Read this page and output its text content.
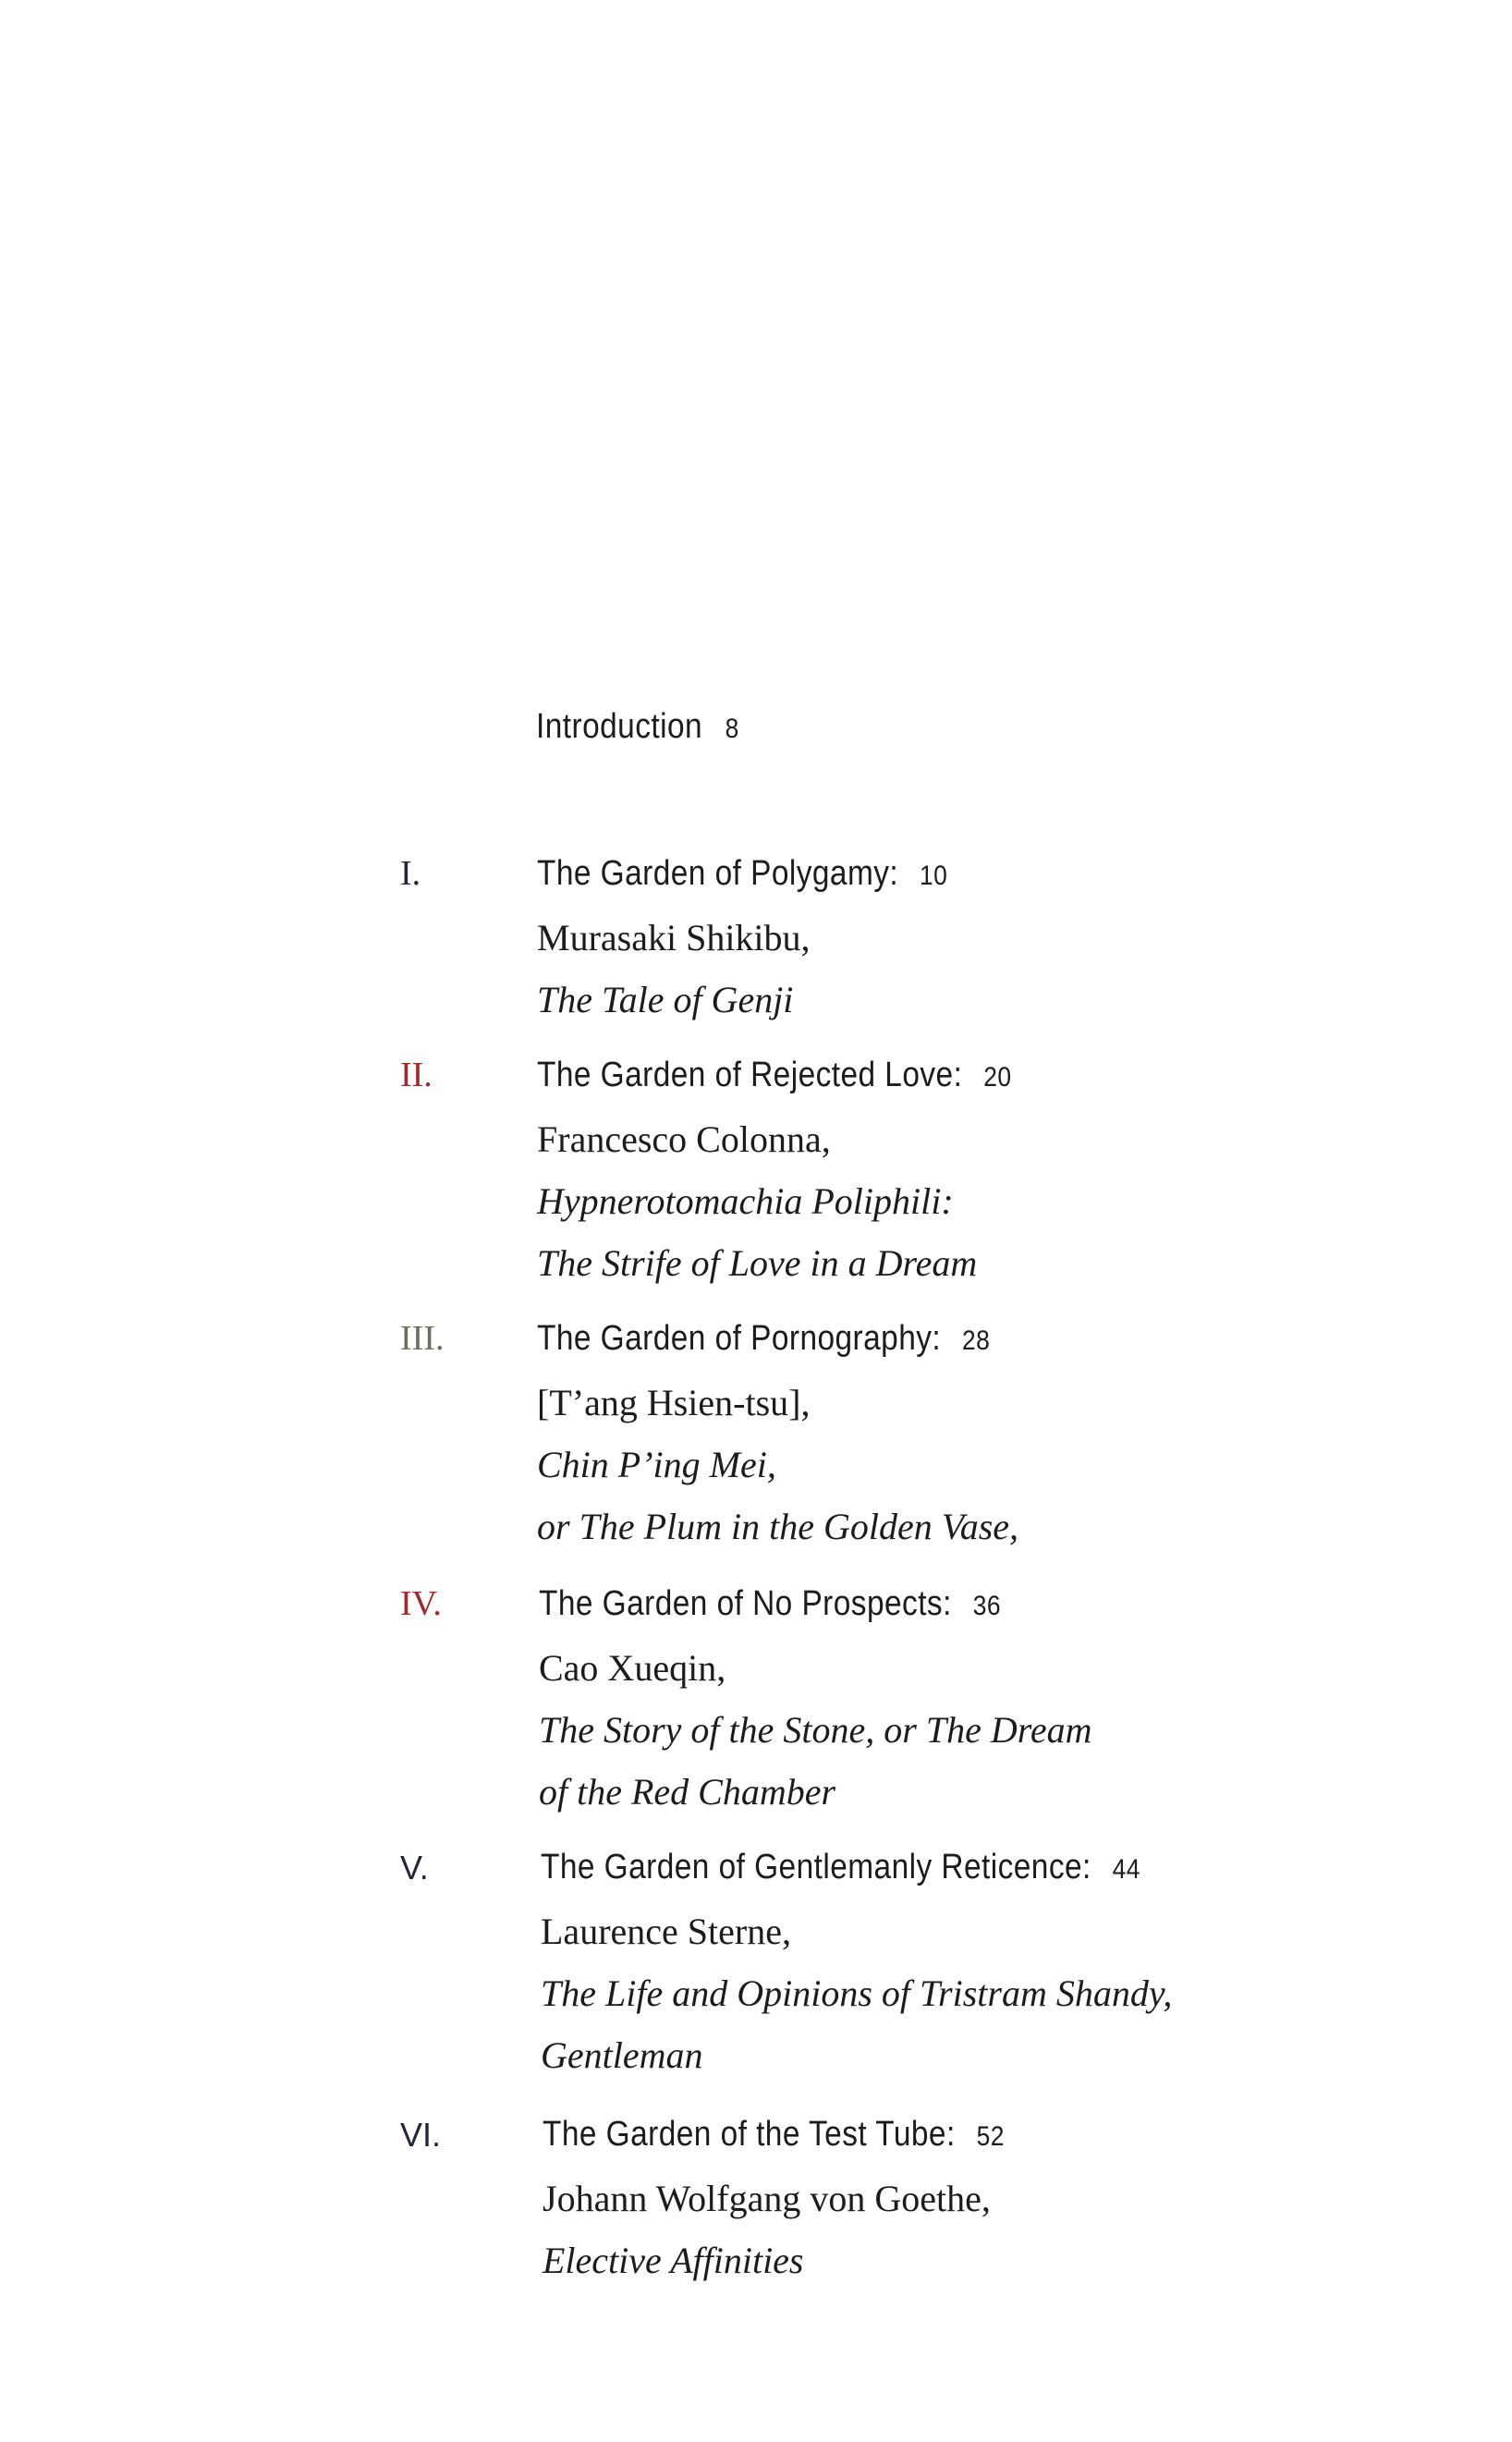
Introduction 8
I.	The Garden of Polygamy: 10
Murasaki Shikibu,
The Tale of Genji
II.	The Garden of Rejected Love: 20
Francesco Colonna,
Hypnerotomachia Poliphili:
The Strife of Love in a Dream
III.	The Garden of Pornography: 28
[T’ang Hsien-tsu],
Chin P’ing Mei,
or The Plum in the Golden Vase,
IV.	The Garden of No Prospects: 36
Cao Xueqin,
The Story of the Stone, or The Dream
of the Red Chamber
V.	The Garden of Gentlemanly Reticence: 44
Laurence Sterne,
The Life and Opinions of Tristram Shandy,
Gentleman
VI.	The Garden of the Test Tube: 52
Johann Wolfgang von Goethe,
Elective Affinities
